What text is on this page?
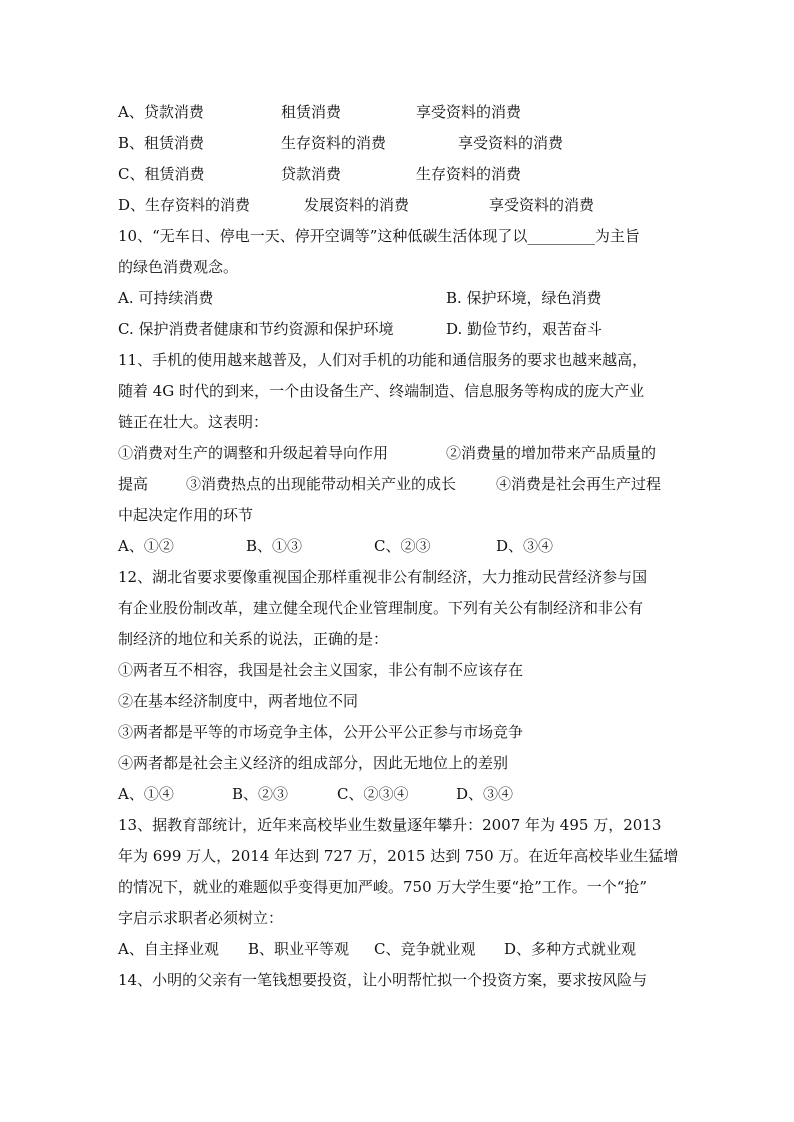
A、贷款消费	租赁消费	享受资料的消费
B、租赁消费	生存资料的消费	享受资料的消费
C、租赁消费	贷款消费	生存资料的消费
D、生存资料的消费	发展资料的消费	享受资料的消费
10、“无车日、停电一天、停开空调等”这种低碳生活体现了以_________为主旨
的绿色消费观念。
A. 可持续消费	B. 保护环境，绿色消费
C. 保护消费者健康和节约资源和保护环境	D. 勤俭节约，艰苦奋斗
11、手机的使用越来越普及，人们对手机的功能和通信服务的要求也越来越高，
随着 4G 时代的到来，一个由设备生产、终端制造、信息服务等构成的庞大产业
链正在壮大。这表明：
①消费对生产的调整和升级起着导向作用	②消费量的增加带来产品质量的
提高	③消费热点的出现能带动相关产业的成长	④消费是社会再生产过程
中起决定作用的环节
A、①②	B、①③	C、②③	D、③④
12、湖北省要求要像重视国企那样重视非公有制经济，大力推动民营经济参与国
有企业股份制改革，建立健全现代企业管理制度。下列有关公有制经济和非公有
制经济的地位和关系的说法，正确的是：
①两者互不相容，我国是社会主义国家，非公有制不应该存在
②在基本经济制度中，两者地位不同
③两者都是平等的市场竞争主体，公开公平公正参与市场竞争
④两者都是社会主义经济的组成部分，因此无地位上的差别
A、①④	B、②③	C、②③④	D、③④
13、据教育部统计，近年来高校毕业生数量逐年攀升：2007 年为 495 万，2013
年为 699 万人，2014 年达到 727 万，2015 达到 750 万。在近年高校毕业生猛增
的情况下，就业的难题似乎变得更加严峻。750 万大学生要“抢”工作。一个“抢”
字启示求职者必须树立：
A、自主择业观 B、职业平等观 C、竞争就业观 D、多种方式就业观
14、小明的父亲有一笔钱想要投资，让小明帮忙拟一个投资方案，要求按风险与
